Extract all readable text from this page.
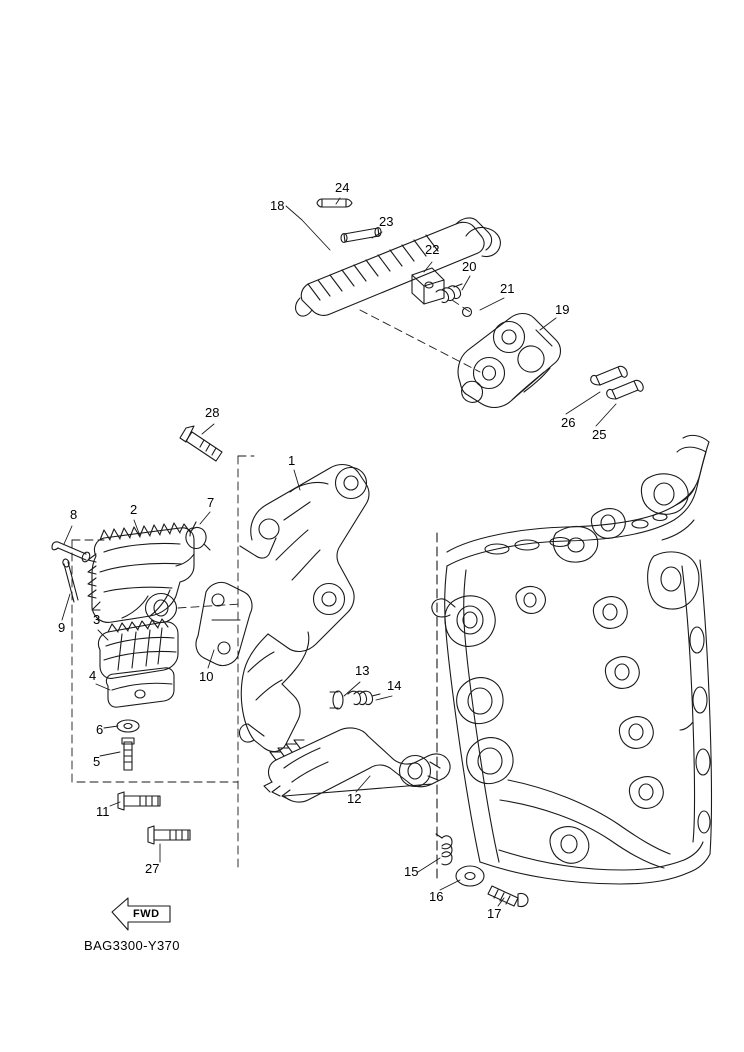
1
2
3
4
5
6
7
8
9
10
11
12
13
14
15
16
17
18
19
20
21
22
23
24
25
26
27
28
FWD
BAG3300-Y370
